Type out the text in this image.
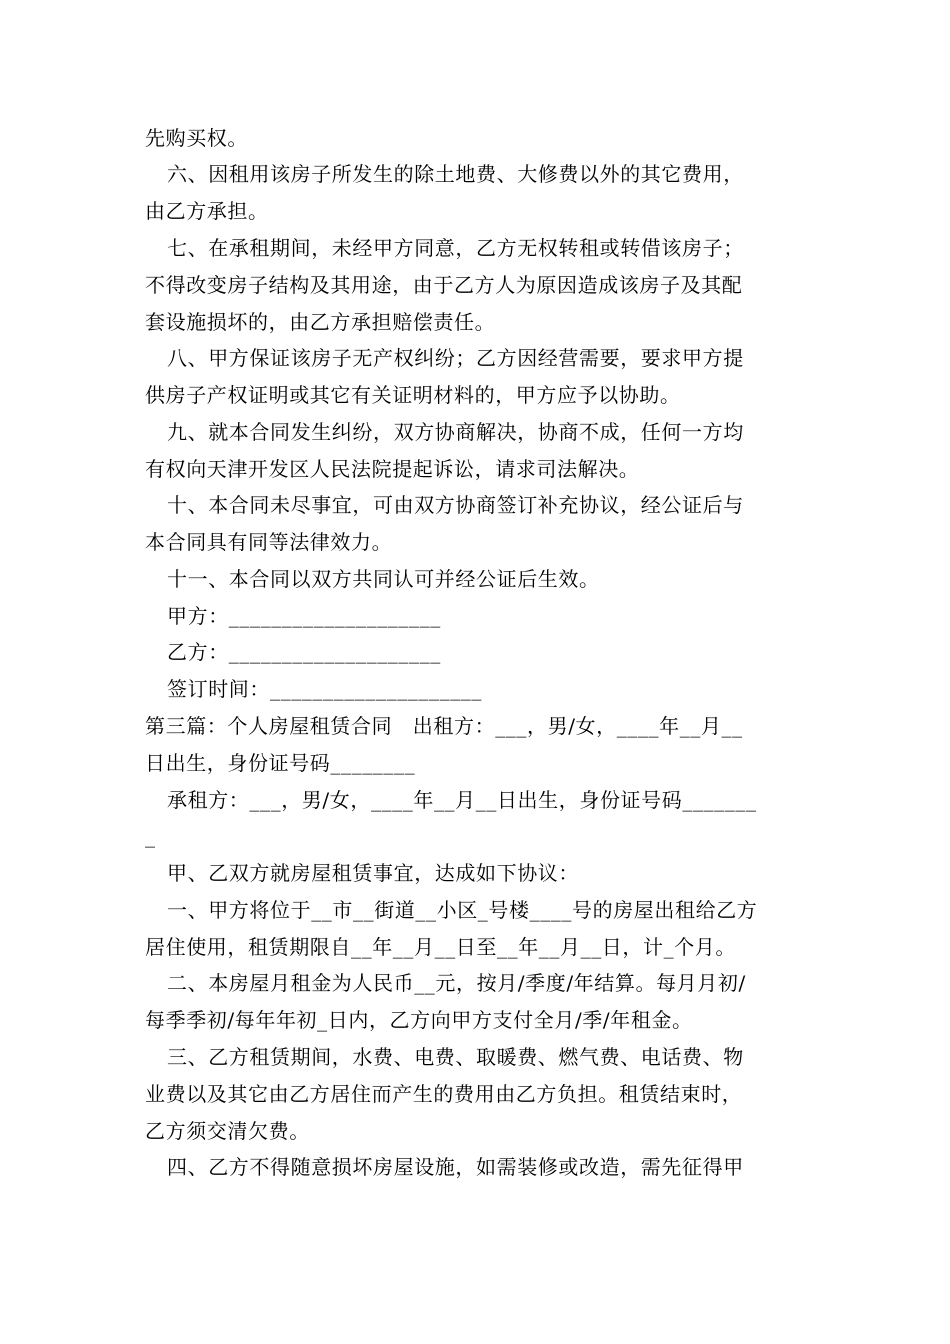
先购买权。
六、因租用该房子所发生的除土地费、大修费以外的其它费用，
由乙方承担。
七、在承租期间，未经甲方同意，乙方无权转租或转借该房子；
不得改变房子结构及其用途，由于乙方人为原因造成该房子及其配
套设施损坏的，由乙方承担赔偿责任。
八、甲方保证该房子无产权纠纷；乙方因经营需要，要求甲方提
供房子产权证明或其它有关证明材料的，甲方应予以协助。
九、就本合同发生纠纷，双方协商解决，协商不成，任何一方均
有权向天津开发区人民法院提起诉讼，请求司法解决。
十、本合同未尽事宜，可由双方协商签订补充协议，经公证后与
本合同具有同等法律效力。
十一、本合同以双方共同认可并经公证后生效。
甲方：____________________
乙方：____________________
签订时间：____________________
第三篇：个人房屋租赁合同　出租方：___，男/女，____年__月__
日出生，身份证号码________
承租方：___，男/女，____年__月__日出生，身份证号码_______
_
甲、乙双方就房屋租赁事宜，达成如下协议：
一、甲方将位于__市__街道__小区_号楼____号的房屋出租给乙方
居住使用，租赁期限自__年__月__日至__年__月__日，计_个月。
二、本房屋月租金为人民币__元，按月/季度/年结算。每月月初/
每季季初/每年年初_日内，乙方向甲方支付全月/季/年租金。
三、乙方租赁期间，水费、电费、取暖费、燃气费、电话费、物
业费以及其它由乙方居住而产生的费用由乙方负担。租赁结束时，
乙方须交清欠费。
四、乙方不得随意损坏房屋设施，如需装修或改造，需先征得甲
